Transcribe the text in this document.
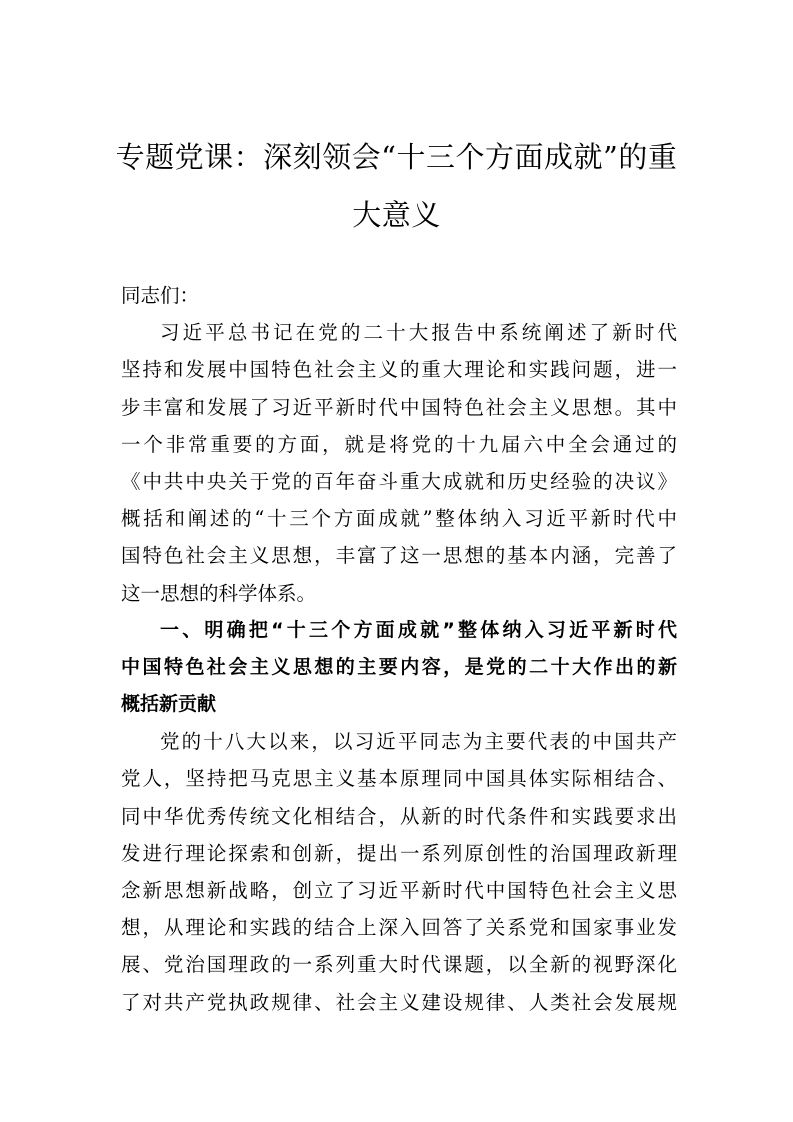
专题党课：深刻领会“十三个方面成就”的重
大意义
同志们：
习近平总书记在党的二十大报告中系统阐述了新时代
坚持和发展中国特色社会主义的重大理论和实践问题，进一
步丰富和发展了习近平新时代中国特色社会主义思想。其中
一个非常重要的方面，就是将党的十九届六中全会通过的
《中共中央关于党的百年奋斗重大成就和历史经验的决议》
概括和阐述的“十三个方面成就”整体纳入习近平新时代中
国特色社会主义思想，丰富了这一思想的基本内涵，完善了
这一思想的科学体系。
一、明确把“十三个方面成就”整体纳入习近平新时代
中国特色社会主义思想的主要内容，是党的二十大作出的新
概括新贡献
党的十八大以来，以习近平同志为主要代表的中国共产
党人，坚持把马克思主义基本原理同中国具体实际相结合、
同中华优秀传统文化相结合，从新的时代条件和实践要求出
发进行理论探索和创新，提出一系列原创性的治国理政新理
念新思想新战略，创立了习近平新时代中国特色社会主义思
想，从理论和实践的结合上深入回答了关系党和国家事业发
展、党治国理政的一系列重大时代课题，以全新的视野深化
了对共产党执政规律、社会主义建设规律、人类社会发展规
